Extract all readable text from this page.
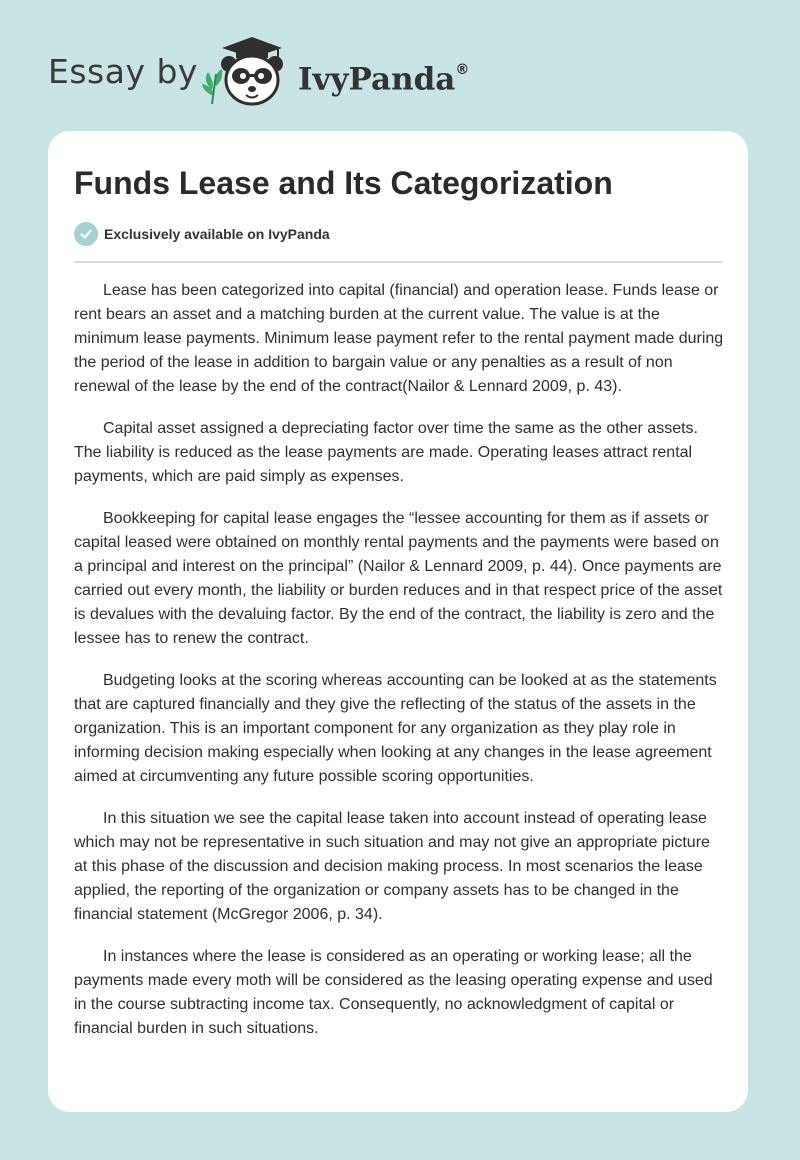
Essay by	IvyPanda®
Funds Lease and Its Categorization
Exclusively available on IvyPanda

Lease has been categorized into capital (financial) and operation lease. Funds lease or rent bears an asset and a matching burden at the current value. The value is at the minimum lease payments. Minimum lease payment refer to the rental payment made during the period of the lease in addition to bargain value or any penalties as a result of non renewal of the lease by the end of the contract(Nailor & Lennard 2009, p. 43).

Capital asset assigned a depreciating factor over time the same as the other assets. The liability is reduced as the lease payments are made. Operating leases attract rental payments, which are paid simply as expenses.

Bookkeeping for capital lease engages the “lessee accounting for them as if assets or capital leased were obtained on monthly rental payments and the payments were based on a principal and interest on the principal” (Nailor & Lennard 2009, p. 44). Once payments are carried out every month, the liability or burden reduces and in that respect price of the asset is devalues with the devaluing factor. By the end of the contract, the liability is zero and the lessee has to renew the contract.

Budgeting looks at the scoring whereas accounting can be looked at as the statements that are captured financially and they give the reflecting of the status of the assets in the organization. This is an important component for any organization as they play role in informing decision making especially when looking at any changes in the lease agreement aimed at circumventing any future possible scoring opportunities.

In this situation we see the capital lease taken into account instead of operating lease which may not be representative in such situation and may not give an appropriate picture at this phase of the discussion and decision making process. In most scenarios the lease applied, the reporting of the organization or company assets has to be changed in the financial statement (McGregor 2006, p. 34).

In instances where the lease is considered as an operating or working lease; all the payments made every moth will be considered as the leasing operating expense and used in the course subtracting income tax. Consequently, no acknowledgment of capital or financial burden in such situations.
